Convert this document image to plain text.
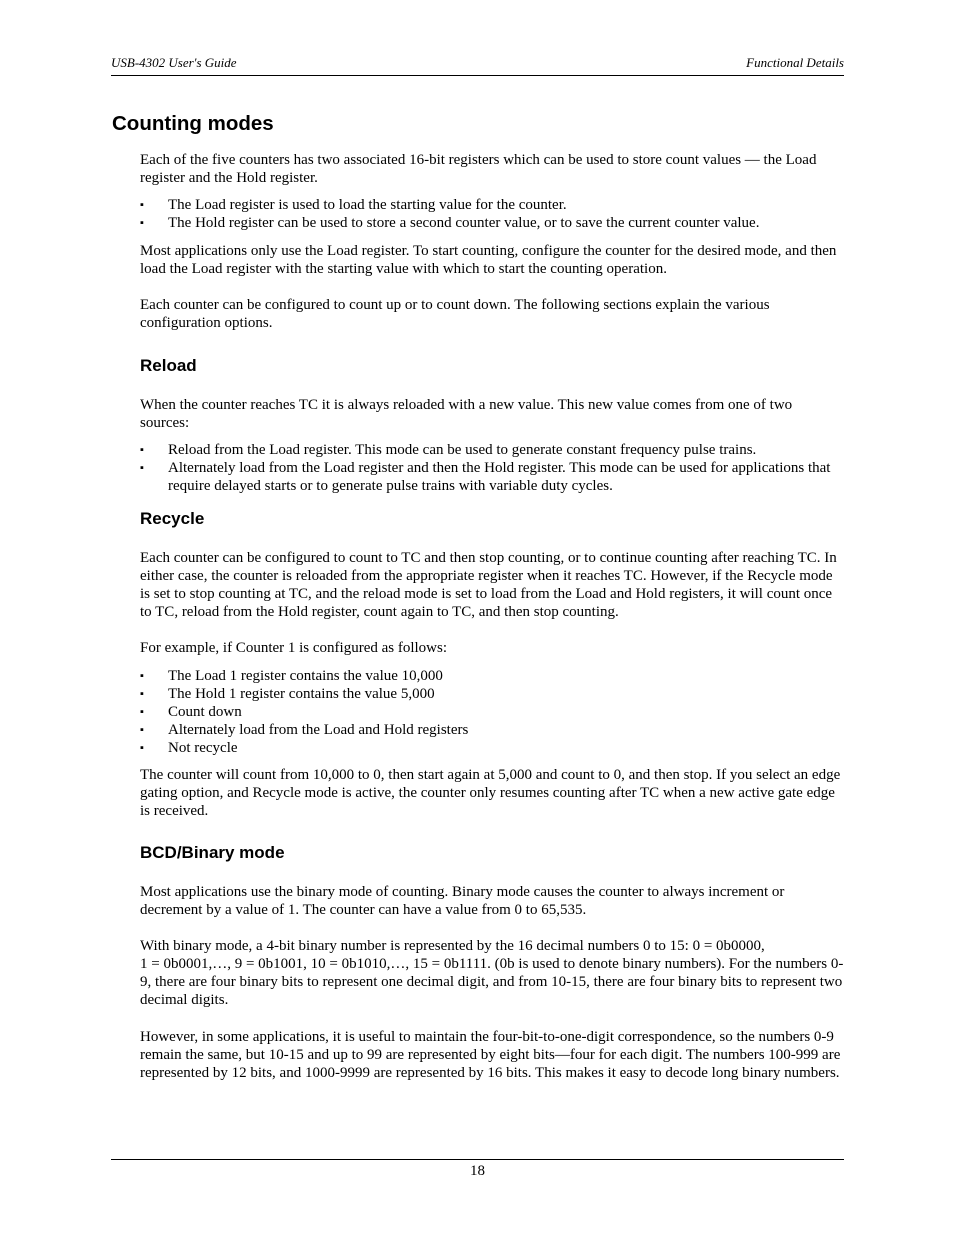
USB-4302 User's Guide	Functional Details
Counting modes

Each of the five counters has two associated 16-bit registers which can be used to store count values — the Load register and the Hold register.

▪ The Load register is used to load the starting value for the counter.
▪ The Hold register can be used to store a second counter value, or to save the current counter value.

Most applications only use the Load register. To start counting, configure the counter for the desired mode, and then load the Load register with the starting value with which to start the counting operation.

Each counter can be configured to count up or to count down. The following sections explain the various configuration options.

Reload

When the counter reaches TC it is always reloaded with a new value. This new value comes from one of two sources:

▪ Reload from the Load register. This mode can be used to generate constant frequency pulse trains.
▪ Alternately load from the Load register and then the Hold register. This mode can be used for applications that require delayed starts or to generate pulse trains with variable duty cycles.
Recycle

Each counter can be configured to count to TC and then stop counting, or to continue counting after reaching TC. In either case, the counter is reloaded from the appropriate register when it reaches TC. However, if the Recycle mode is set to stop counting at TC, and the reload mode is set to load from the Load and Hold registers, it will count once to TC, reload from the Hold register, count again to TC, and then stop counting.

For example, if Counter 1 is configured as follows:

▪ The Load 1 register contains the value 10,000
▪ The Hold 1 register contains the value 5,000
▪ Count down
▪ Alternately load from the Load and Hold registers
▪ Not recycle

The counter will count from 10,000 to 0, then start again at 5,000 and count to 0, and then stop. If you select an edge gating option, and Recycle mode is active, the counter only resumes counting after TC when a new active gate edge is received.

BCD/Binary mode

Most applications use the binary mode of counting. Binary mode causes the counter to always increment or decrement by a value of 1. The counter can have a value from 0 to 65,535.

With binary mode, a 4-bit binary number is represented by the 16 decimal numbers 0 to 15: 0 = 0b0000,
1 = 0b0001,…, 9 = 0b1001, 10 = 0b1010,…, 15 = 0b1111. (0b is used to denote binary numbers). For the numbers 0-9, there are four binary bits to represent one decimal digit, and from 10-15, there are four binary bits to represent two decimal digits.

However, in some applications, it is useful to maintain the four-bit-to-one-digit correspondence, so the numbers 0-9 remain the same, but 10-15 and up to 99 are represented by eight bits—four for each digit. The numbers 100-999 are represented by 12 bits, and 1000-9999 are represented by 16 bits. This makes it easy to decode long binary numbers.

18
